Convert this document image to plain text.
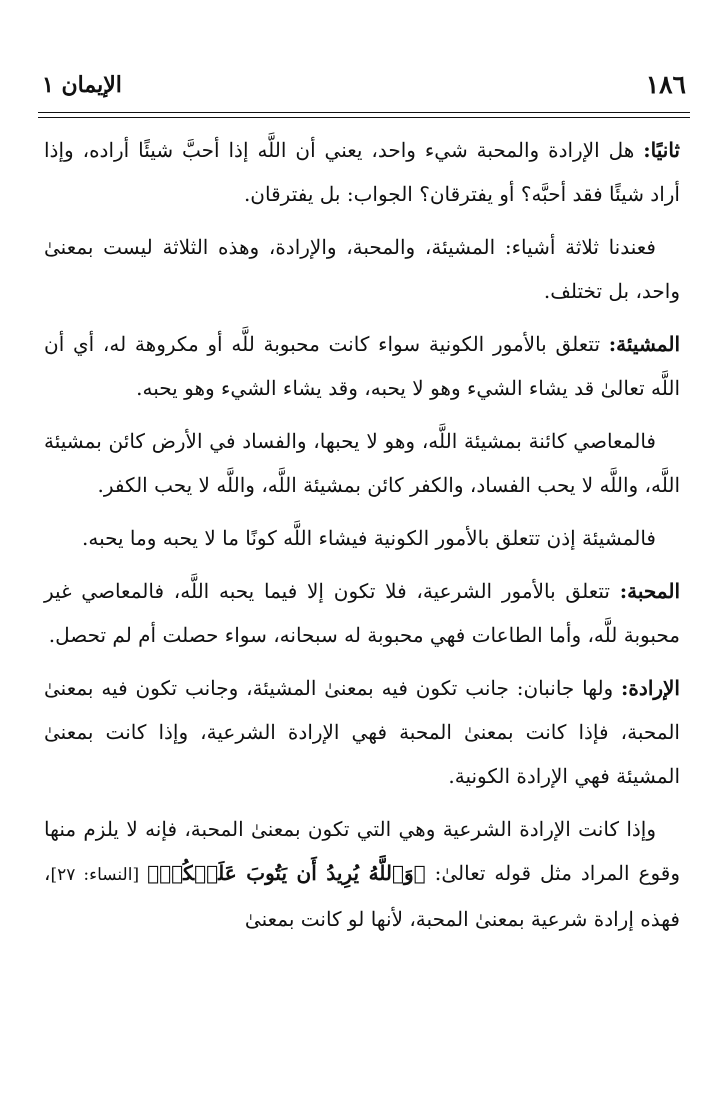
١٨٦
الإيمان ١

ثانيًا: هل الإرادة والمحبة شيء واحد، يعني أن اللَّه إذا أحبَّ شيئًا أراده، وإذا أراد شيئًا فقد أحبَّه؟ أو يفترقان؟ الجواب: بل يفترقان.

فعندنا ثلاثة أشياء: المشيئة، والمحبة، والإرادة، وهذه الثلاثة ليست بمعنىٰ واحد، بل تختلف.

المشيئة: تتعلق بالأمور الكونية سواء كانت محبوبة للَّه أو مكروهة له، أي أن اللَّه تعالىٰ قد يشاء الشيء وهو لا يحبه، وقد يشاء الشيء وهو يحبه.

فالمعاصي كائنة بمشيئة اللَّه، وهو لا يحبها، والفساد في الأرض كائن بمشيئة اللَّه، واللَّه لا يحب الفساد، والكفر كائن بمشيئة اللَّه، واللَّه لا يحب الكفر.

فالمشيئة إذن تتعلق بالأمور الكونية فيشاء اللَّه كونًا ما لا يحبه وما يحبه.

المحبة: تتعلق بالأمور الشرعية، فلا تكون إلا فيما يحبه اللَّه، فالمعاصي غير محبوبة للَّه، وأما الطاعات فهي محبوبة له سبحانه، سواء حصلت أم لم تحصل.

الإرادة: ولها جانبان: جانب تكون فيه بمعنىٰ المشيئة، وجانب تكون فيه بمعنىٰ المحبة، فإذا كانت بمعنىٰ المحبة فهي الإرادة الشرعية، وإذا كانت بمعنىٰ المشيئة فهي الإرادة الكونية.

وإذا كانت الإرادة الشرعية وهي التي تكون بمعنىٰ المحبة، فإنه لا يلزم منها وقوع المراد مثل قوله تعالىٰ: ﴿وَٱللَّهُ يُرِيدُ أَن يَتُوبَ عَلَيۡكُمۡ﴾ [النساء: ٢٧]، فهذه إرادة شرعية بمعنىٰ المحبة، لأنها لو كانت بمعنىٰ
